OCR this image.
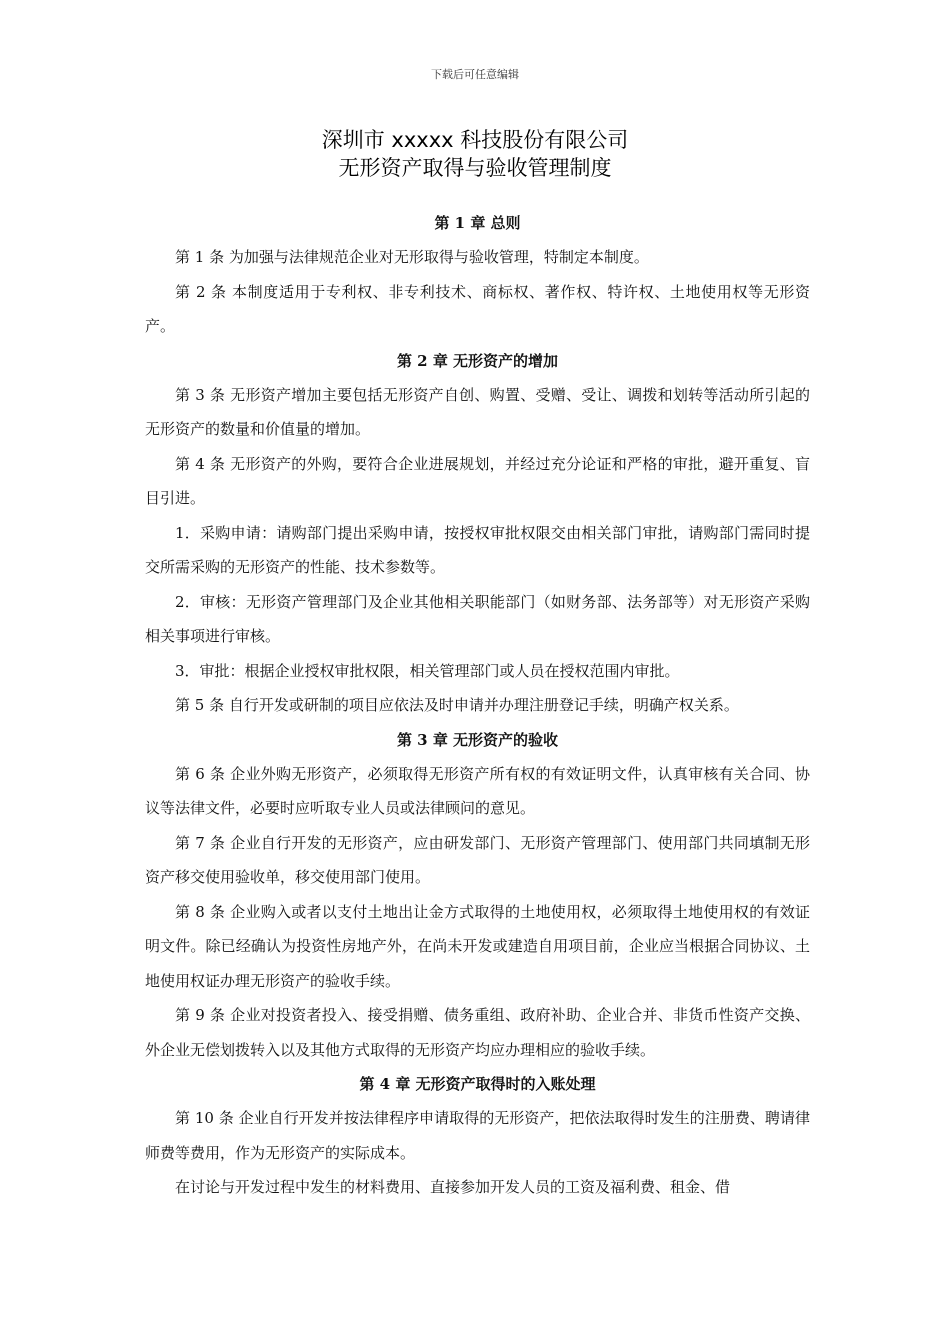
下载后可任意编辑
深圳市 xxxxx 科技股份有限公司
无形资产取得与验收管理制度
第 1 章 总则

第 1 条 为加强与法律规范企业对无形取得与验收管理，特制定本制度。

第 2 条 本制度适用于专利权、非专利技术、商标权、著作权、特许权、土地使用权等无形资产。

第 2 章 无形资产的增加

第 3 条 无形资产增加主要包括无形资产自创、购置、受赠、受让、调拨和划转等活动所引起的无形资产的数量和价值量的增加。

第 4 条 无形资产的外购，要符合企业进展规划，并经过充分论证和严格的审批，避开重复、盲目引进。

1．采购申请：请购部门提出采购申请，按授权审批权限交由相关部门审批，请购部门需同时提交所需采购的无形资产的性能、技术参数等。

2．审核：无形资产管理部门及企业其他相关职能部门（如财务部、法务部等）对无形资产采购相关事项进行审核。

3．审批：根据企业授权审批权限，相关管理部门或人员在授权范围内审批。

第 5 条 自行开发或研制的项目应依法及时申请并办理注册登记手续，明确产权关系。

第 3 章 无形资产的验收

第 6 条 企业外购无形资产，必须取得无形资产所有权的有效证明文件，认真审核有关合同、协议等法律文件，必要时应听取专业人员或法律顾问的意见。

第 7 条 企业自行开发的无形资产，应由研发部门、无形资产管理部门、使用部门共同填制无形资产移交使用验收单，移交使用部门使用。

第 8 条 企业购入或者以支付土地出让金方式取得的土地使用权，必须取得土地使用权的有效证明文件。除已经确认为投资性房地产外，在尚未开发或建造自用项目前，企业应当根据合同协议、土地使用权证办理无形资产的验收手续。

第 9 条 企业对投资者投入、接受捐赠、债务重组、政府补助、企业合并、非货币性资产交换、外企业无偿划拨转入以及其他方式取得的无形资产均应办理相应的验收手续。

第 4 章 无形资产取得时的入账处理

第 10 条 企业自行开发并按法律程序申请取得的无形资产，把依法取得时发生的注册费、聘请律师费等费用，作为无形资产的实际成本。

在讨论与开发过程中发生的材料费用、直接参加开发人员的工资及福利费、租金、借
